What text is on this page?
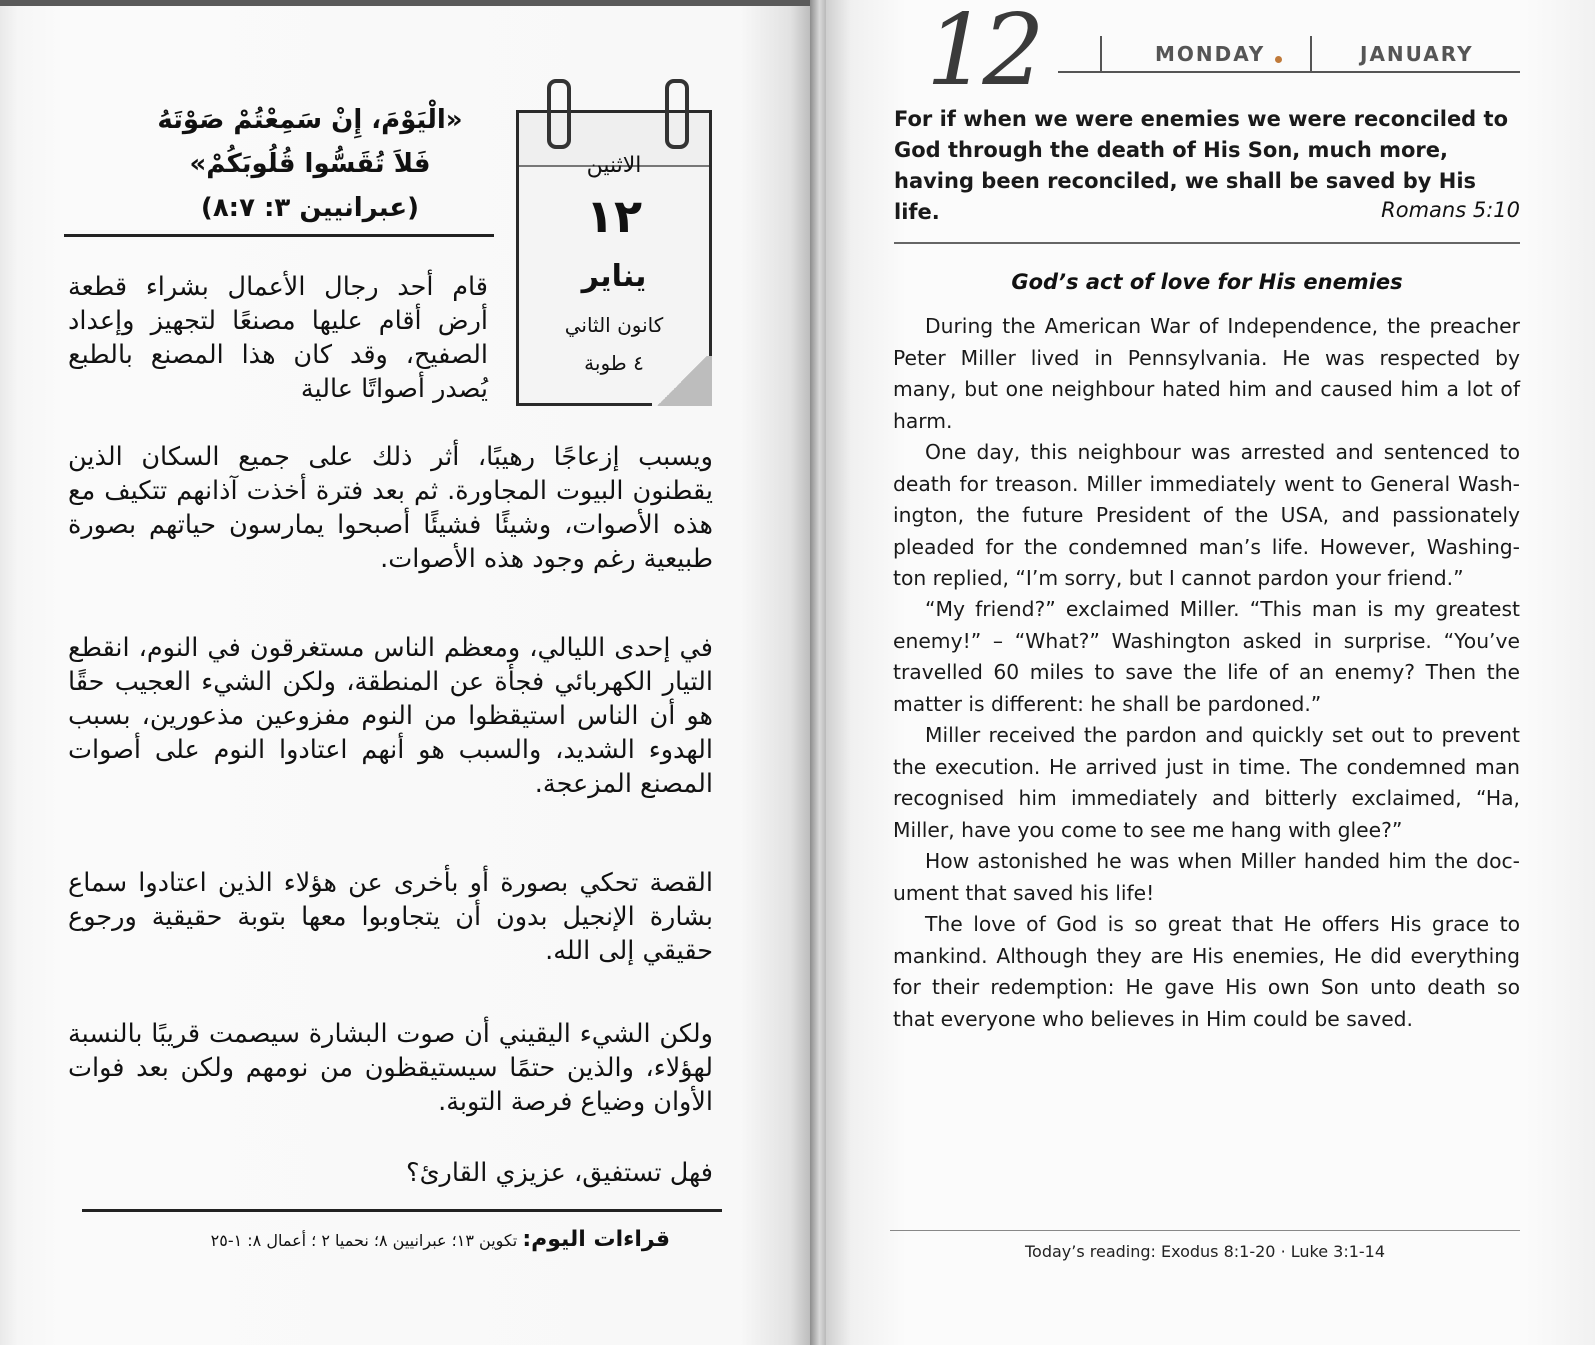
«الْيَوْمَ، إِنْ سَمِعْتُمْ صَوْتَهُ
فَلاَ تُقَسُّوا قُلُوبَكُمْ»
(عبرانيين ٣: ٨:٧)
الاثنين
١٢
يناير
كانون الثاني
٤ طوبة

قام أحد رجال الأعمال بشراء قطعة أرض أقام عليها مصنعًا لتجهيز وإعداد الصفيح، وقد كان هذا المصنع بالطبع يُصدر أصواتًا عالية

ويسبب إزعاجًا رهيبًا، أثر ذلك على جميع السكان الذين يقطنون البيوت المجاورة. ثم بعد فترة أخذت آذانهم تتكيف مع هذه الأصوات، وشيئًا فشيئًا أصبحوا يمارسون حياتهم بصورة طبيعية رغم وجود هذه الأصوات.

في إحدى الليالي، ومعظم الناس مستغرقون في النوم، انقطع التيار الكهربائي فجأة عن المنطقة، ولكن الشيء العجيب حقًا هو أن الناس استيقظوا من النوم مفزوعين مذعورين، بسبب الهدوء الشديد، والسبب هو أنهم اعتادوا النوم على أصوات المصنع المزعجة.

القصة تحكي بصورة أو بأخرى عن هؤلاء الذين اعتادوا سماع بشارة الإنجيل بدون أن يتجاوبوا معها بتوبة حقيقية ورجوع حقيقي إلى الله.

ولكن الشيء اليقيني أن صوت البشارة سيصمت قريبًا بالنسبة لهؤلاء، والذين حتمًا سيستيقظون من نومهم ولكن بعد فوات الأوان وضياع فرصة التوبة.

فهل تستفيق، عزيزي القارئ؟

قراءات اليوم: تكوين ١٣؛ عبرانيين ٨؛ نحميا ٢ ؛ أعمال ٨: ١-٢٥
12	MONDAY	JANUARY
For if when we were enemies we were reconciled to God through the death of His Son, much more, having been reconciled, we shall be saved by His life.	Romans 5:10
God’s act of love for His enemies

During the American War of Independence, the preacher Peter Miller lived in Pennsylvania. He was respected by many, but one neighbour hated him and caused him a lot of harm.

One day, this neighbour was arrested and sentenced to death for treason. Miller immediately went to General Wash-ington, the future President of the USA, and passionately pleaded for the condemned man’s life. However, Washing-ton replied, “I’m sorry, but I cannot pardon your friend.”

“My friend?” exclaimed Miller. “This man is my greatest enemy!” – “What?” Washington asked in surprise. “You’ve travelled 60 miles to save the life of an enemy? Then the matter is different: he shall be pardoned.”

Miller received the pardon and quickly set out to prevent the execution. He arrived just in time. The condemned man recognised him immediately and bitterly exclaimed, “Ha, Miller, have you come to see me hang with glee?”

How astonished he was when Miller handed him the doc-ument that saved his life!

The love of God is so great that He offers His grace to mankind. Although they are His enemies, He did everything for their redemption: He gave His own Son unto death so that everyone who believes in Him could be saved.

Today’s reading: Exodus 8:1-20 · Luke 3:1-14
